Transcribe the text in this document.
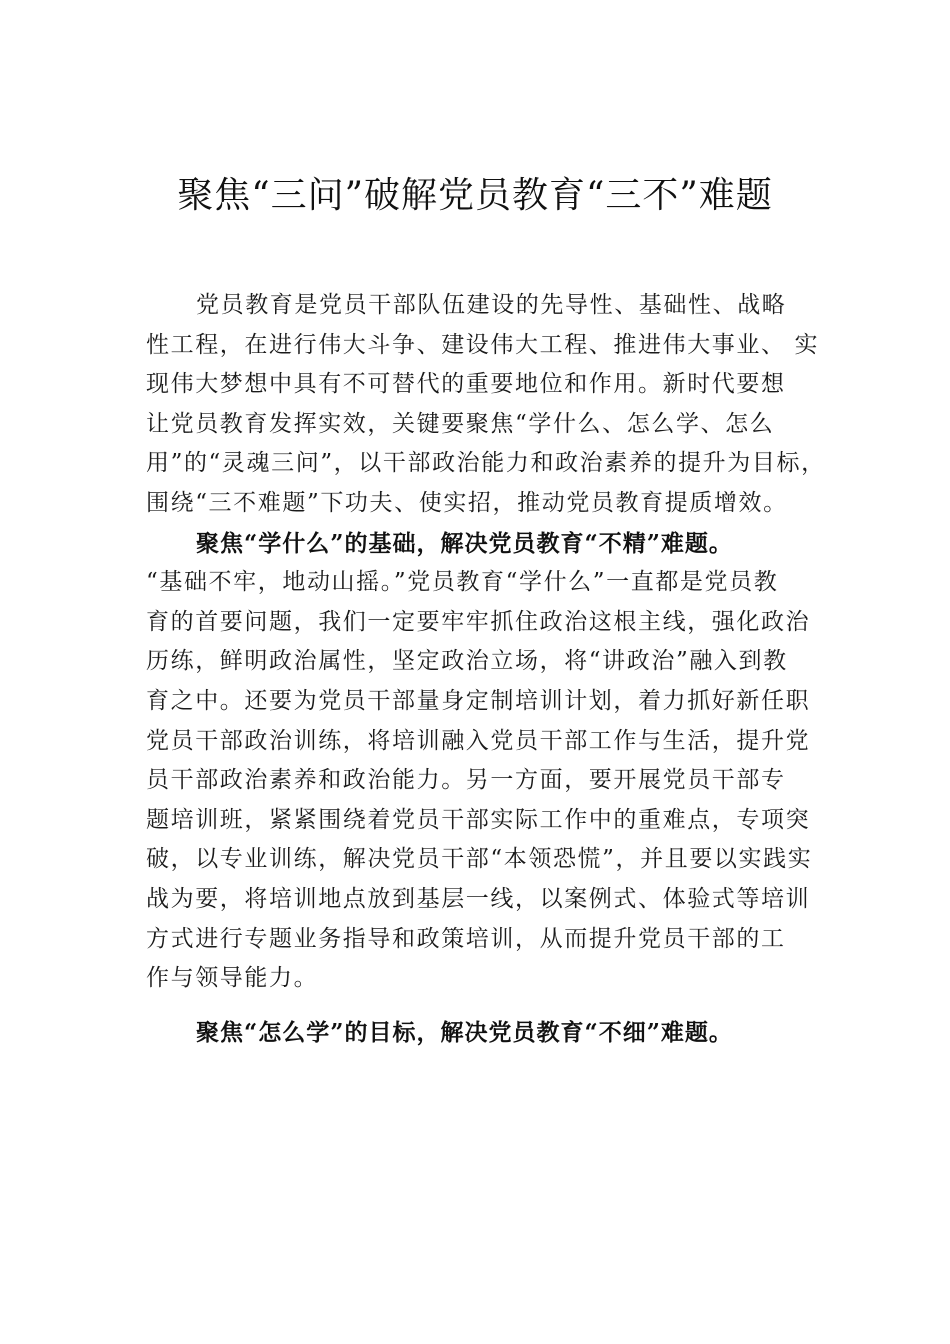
聚焦“三问”破解党员教育“三不”难题
党员教育是党员干部队伍建设的先导性、基础性、战略
性工程，在进行伟大斗争、建设伟大工程、推进伟大事业、 实
现伟大梦想中具有不可替代的重要地位和作用。新时代要想
让党员教育发挥实效，关键要聚焦“学什么、怎么学、怎么
用”的“灵魂三问”，以干部政治能力和政治素养的提升为目标，
围绕“三不难题”下功夫、使实招，推动党员教育提质增效。
聚焦“学什么”的基础，解决党员教育“不精”难题。
“基础不牢，地动山摇。”党员教育“学什么”一直都是党员教
育的首要问题，我们一定要牢牢抓住政治这根主线，强化政治
历练，鲜明政治属性，坚定政治立场，将“讲政治”融入到教
育之中。还要为党员干部量身定制培训计划，着力抓好新任职
党员干部政治训练，将培训融入党员干部工作与生活，提升党
员干部政治素养和政治能力。另一方面，要开展党员干部专
题培训班，紧紧围绕着党员干部实际工作中的重难点，专项突
破，以专业训练，解决党员干部“本领恐慌”，并且要以实践实
战为要，将培训地点放到基层一线，以案例式、体验式等培训
方式进行专题业务指导和政策培训，从而提升党员干部的工
作与领导能力。
聚焦“怎么学”的目标，解决党员教育“不细”难题。
